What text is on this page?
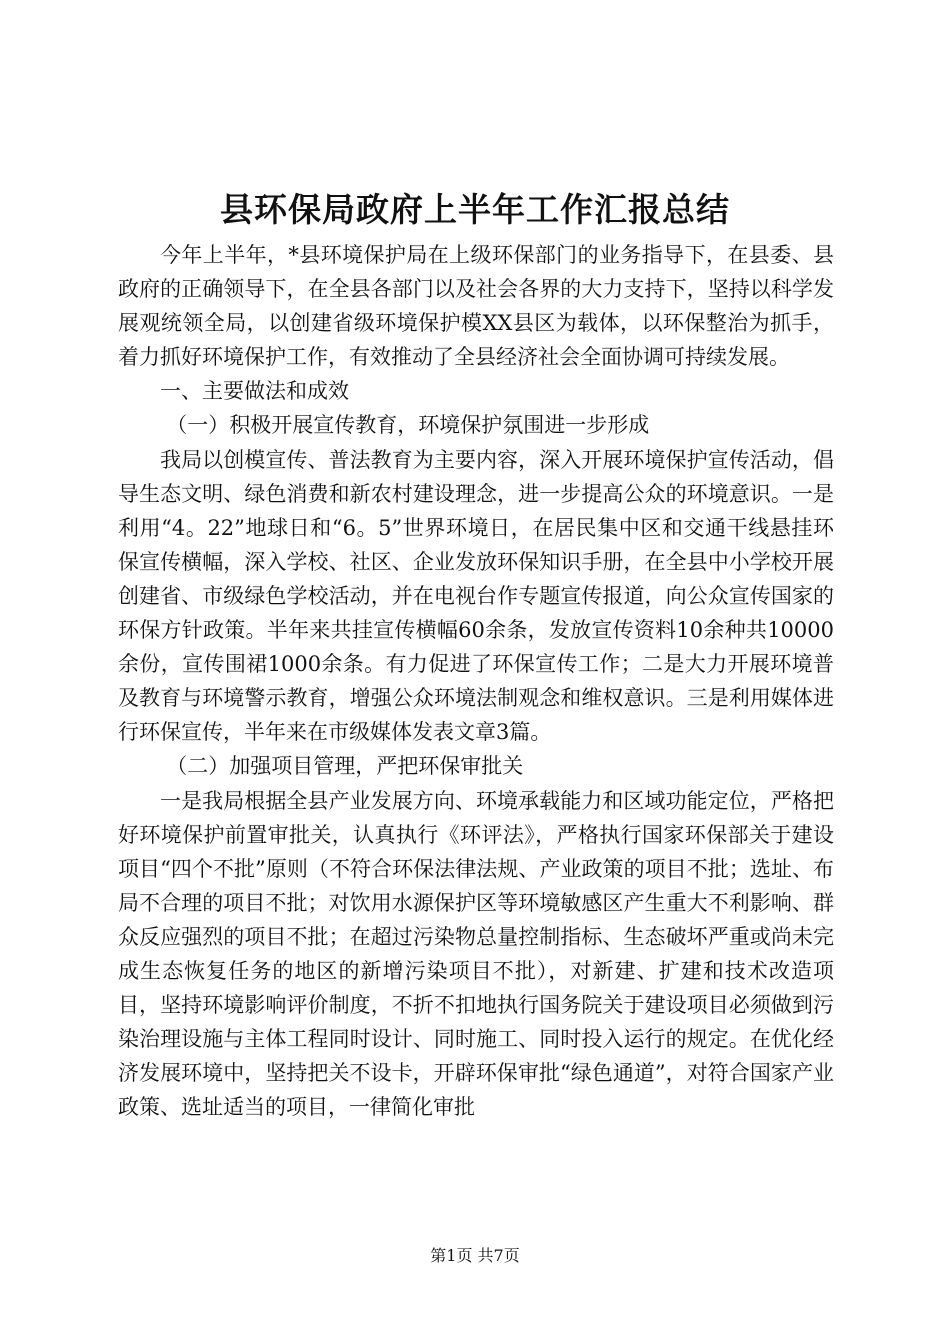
县环保局政府上半年工作汇报总结

今年上半年，*县环境保护局在上级环保部门的业务指导下，在县委、县政府的正确领导下，在全县各部门以及社会各界的大力支持下，坚持以科学发展观统领全局，以创建省级环境保护模XX县区为载体，以环保整治为抓手，着力抓好环境保护工作，有效推动了全县经济社会全面协调可持续发展。

一、主要做法和成效

（一）积极开展宣传教育，环境保护氛围进一步形成

我局以创模宣传、普法教育为主要内容，深入开展环境保护宣传活动，倡导生态文明、绿色消费和新农村建设理念，进一步提高公众的环境意识。一是利用“4。22”地球日和“6。5”世界环境日，在居民集中区和交通干线悬挂环保宣传横幅，深入学校、社区、企业发放环保知识手册，在全县中小学校开展创建省、市级绿色学校活动，并在电视台作专题宣传报道，向公众宣传国家的环保方针政策。半年来共挂宣传横幅60余条，发放宣传资料10余种共10000余份，宣传围裙1000余条。有力促进了环保宣传工作；二是大力开展环境普及教育与环境警示教育，增强公众环境法制观念和维权意识。三是利用媒体进行环保宣传，半年来在市级媒体发表文章3篇。

（二）加强项目管理，严把环保审批关

一是我局根据全县产业发展方向、环境承载能力和区域功能定位，严格把好环境保护前置审批关，认真执行《环评法》，严格执行国家环保部关于建设项目“四个不批”原则（不符合环保法律法规、产业政策的项目不批；选址、布局不合理的项目不批；对饮用水源保护区等环境敏感区产生重大不利影响、群众反应强烈的项目不批；在超过污染物总量控制指标、生态破坏严重或尚未完成生态恢复任务的地区的新增污染项目不批），对新建、扩建和技术改造项目，坚持环境影响评价制度，不折不扣地执行国务院关于建设项目必须做到污染治理设施与主体工程同时设计、同时施工、同时投入运行的规定。在优化经济发展环境中，坚持把关不设卡，开辟环保审批“绿色通道”，对符合国家产业政策、选址适当的项目，一律简化审批

第1页 共7页
